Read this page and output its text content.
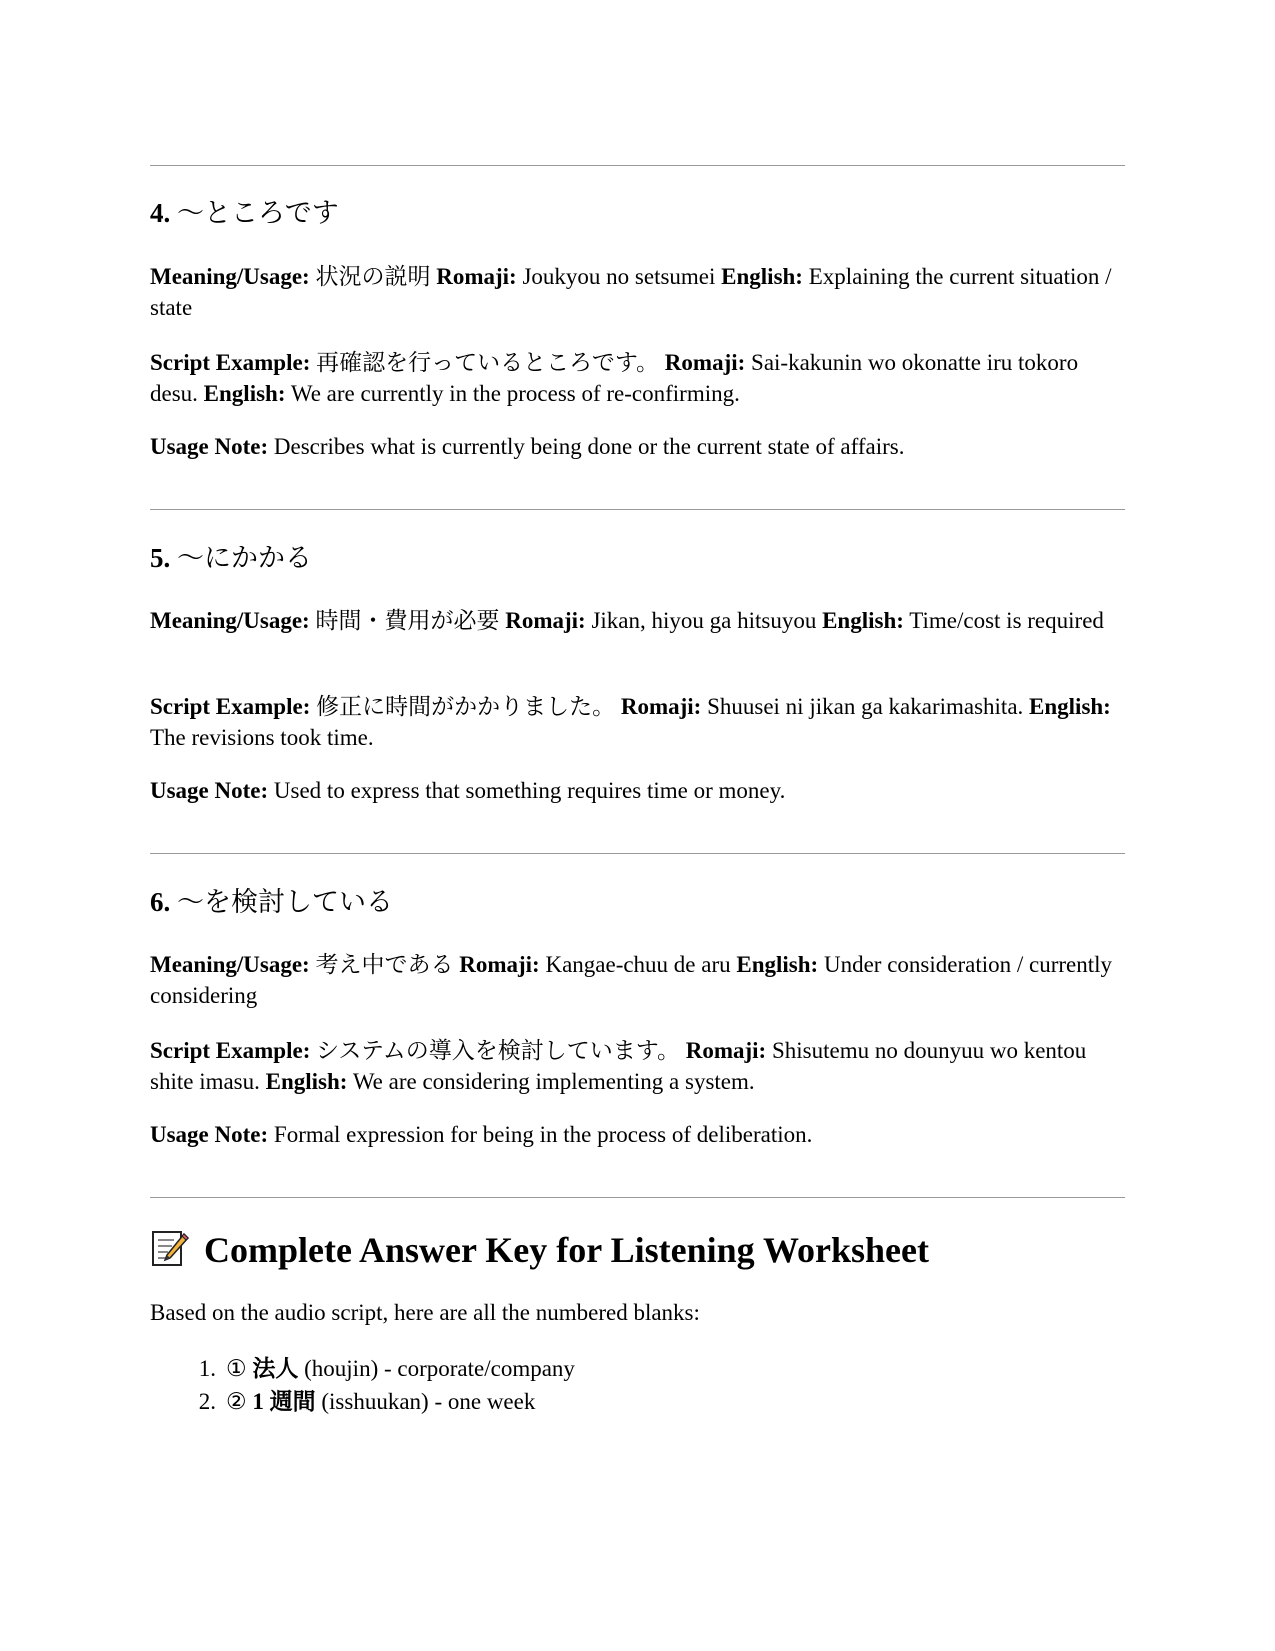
4. 〜ところです
Meaning/Usage: 状況の説明 Romaji: Joukyou no setsumei English: Explaining the current situation / state
Script Example: 再確認を行っているところです。 Romaji: Sai-kakunin wo okonatte iru tokoro desu. English: We are currently in the process of re-confirming.
Usage Note: Describes what is currently being done or the current state of affairs.
5. 〜にかかる
Meaning/Usage: 時間・費用が必要 Romaji: Jikan, hiyou ga hitsuyou English: Time/cost is required
Script Example: 修正に時間がかかりました。 Romaji: Shuusei ni jikan ga kakarimashita. English: The revisions took time.
Usage Note: Used to express that something requires time or money.
6. 〜を検討している
Meaning/Usage: 考え中である Romaji: Kangae-chuu de aru English: Under consideration / currently considering
Script Example: システムの導入を検討しています。 Romaji: Shisutemu no dounyuu wo kentou shite imasu. English: We are considering implementing a system.
Usage Note: Formal expression for being in the process of deliberation.
Complete Answer Key for Listening Worksheet
Based on the audio script, here are all the numbered blanks:
1. ① 法人 (houjin) - corporate/company
2. ② 1 週間 (isshuukan) - one week
